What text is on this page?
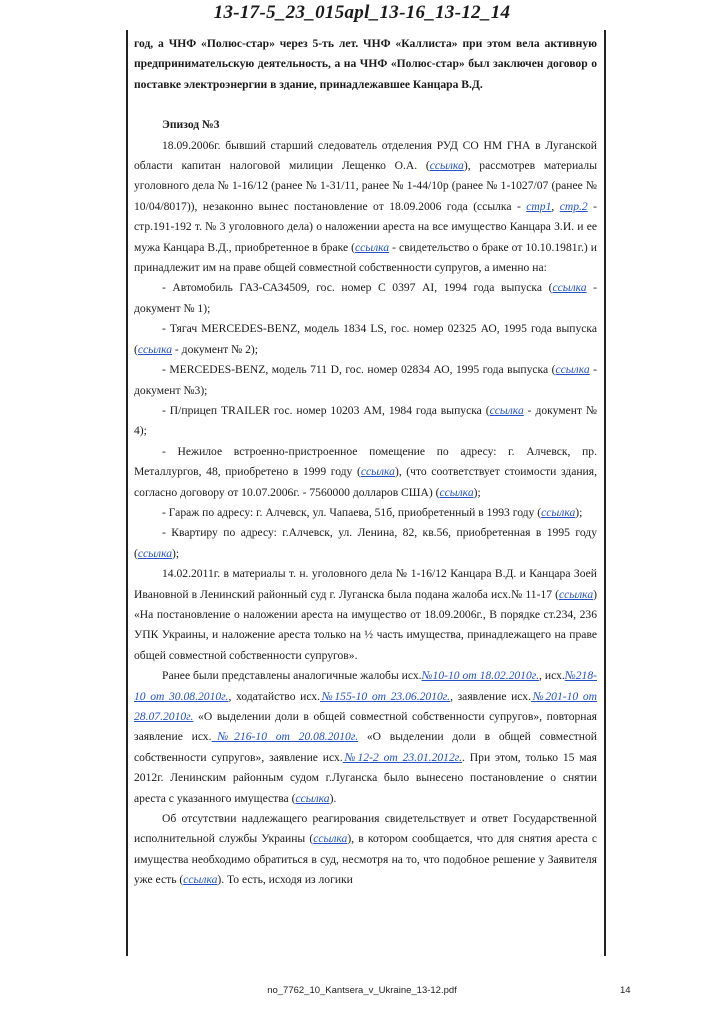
13-17-5_23_015apl_13-16_13-12_14

год, а ЧНФ «Полюс-стар» через 5-ть лет. ЧНФ «Каллиста» при этом вела активную предпринимательскую деятельность, а на ЧНФ «Полюс-стар» был заключен договор о поставке электроэнергии в здание, принадлежавшее Канцара В.Д.

Эпизод №3

18.09.2006г. бывший старший следователь отделения РУД СО НМ ГНА в Луганской области капитан налоговой милиции Лещенко О.А. (ссылка), рассмотрев материалы уголовного дела № 1-16/12 (ранее № 1-31/11, ранее № 1-44/10р (ранее № 1-1027/07 (ранее № 10/04/8017)), незаконно вынес постановление от 18.09.2006 года (ссылка - стр1, стр.2 - стр.191-192 т. № 3 уголовного дела) о наложении ареста на все имущество Канцара З.И. и ее мужа Канцара В.Д., приобретенное в браке (ссылка - свидетельство о браке от 10.10.1981г.) и принадлежит им на праве общей совместной собственности супругов, а именно на:

- Автомобиль ГАЗ-САЗ4509, гос. номер С 0397 AI, 1994 года выпуска (ссылка - документ № 1);

- Тягач MERCEDES-BENZ, модель 1834 LS, гос. номер 02325 АО, 1995 года выпуска (ссылка - документ № 2);

- MERCEDES-BENZ, модель 711 D, гос. номер 02834 АО, 1995 года выпуска (ссылка - документ №3);

- П/прицеп TRAILER гос. номер 10203 АМ, 1984 года выпуска (ссылка - документ № 4);

- Нежилое встроенно-пристроенное помещение по адресу: г. Алчевск, пр. Металлургов, 48, приобретено в 1999 году (ссылка), (что соответствует стоимости здания, согласно договору от 10.07.2006г. - 7560000 долларов США) (ссылка);

- Гараж по адресу: г. Алчевск, ул. Чапаева, 51б, приобретенный в 1993 году (ссылка);

- Квартиру по адресу: г.Алчевск, ул. Ленина, 82, кв.56, приобретенная в 1995 году (ссылка);

14.02.2011г. в материалы т. н. уголовного дела № 1-16/12 Канцара В.Д. и Канцара Зоей Ивановной в Ленинский районный суд г. Луганска была подана жалоба исх.№ 11-17 (ссылка) «На постановление о наложении ареста на имущество от 18.09.2006г., В порядке ст.234, 236 УПК Украины, и наложение ареста только на ½ часть имущества, принадлежащего на праве общей совместной собственности супругов».

Ранее были представлены аналогичные жалобы исх.№10-10 от 18.02.2010г., исх.№218-10 от 30.08.2010г., ходатайство исх.№155-10 от 23.06.2010г., заявление исх.№201-10 от 28.07.2010г. «О выделении доли в общей совместной собственности супругов», повторная заявление исх.№216-10 от 20.08.2010г. «О выделении доли в общей совместной собственности супругов», заявление исх.№12-2 от 23.01.2012г.. При этом, только 15 мая 2012г. Ленинским районным судом г.Луганска было вынесено постановление о снятии ареста с указанного имущества (ссылка).

Об отсутствии надлежащего реагирования свидетельствует и ответ Государственной исполнительной службы Украины (ссылка), в котором сообщается, что для снятия ареста с имущества необходимо обратиться в суд, несмотря на то, что подобное решение у Заявителя уже есть (ссылка). То есть, исходя из логики

no_7762_10_Kantsera_v_Ukraine_13-12.pdf	14
